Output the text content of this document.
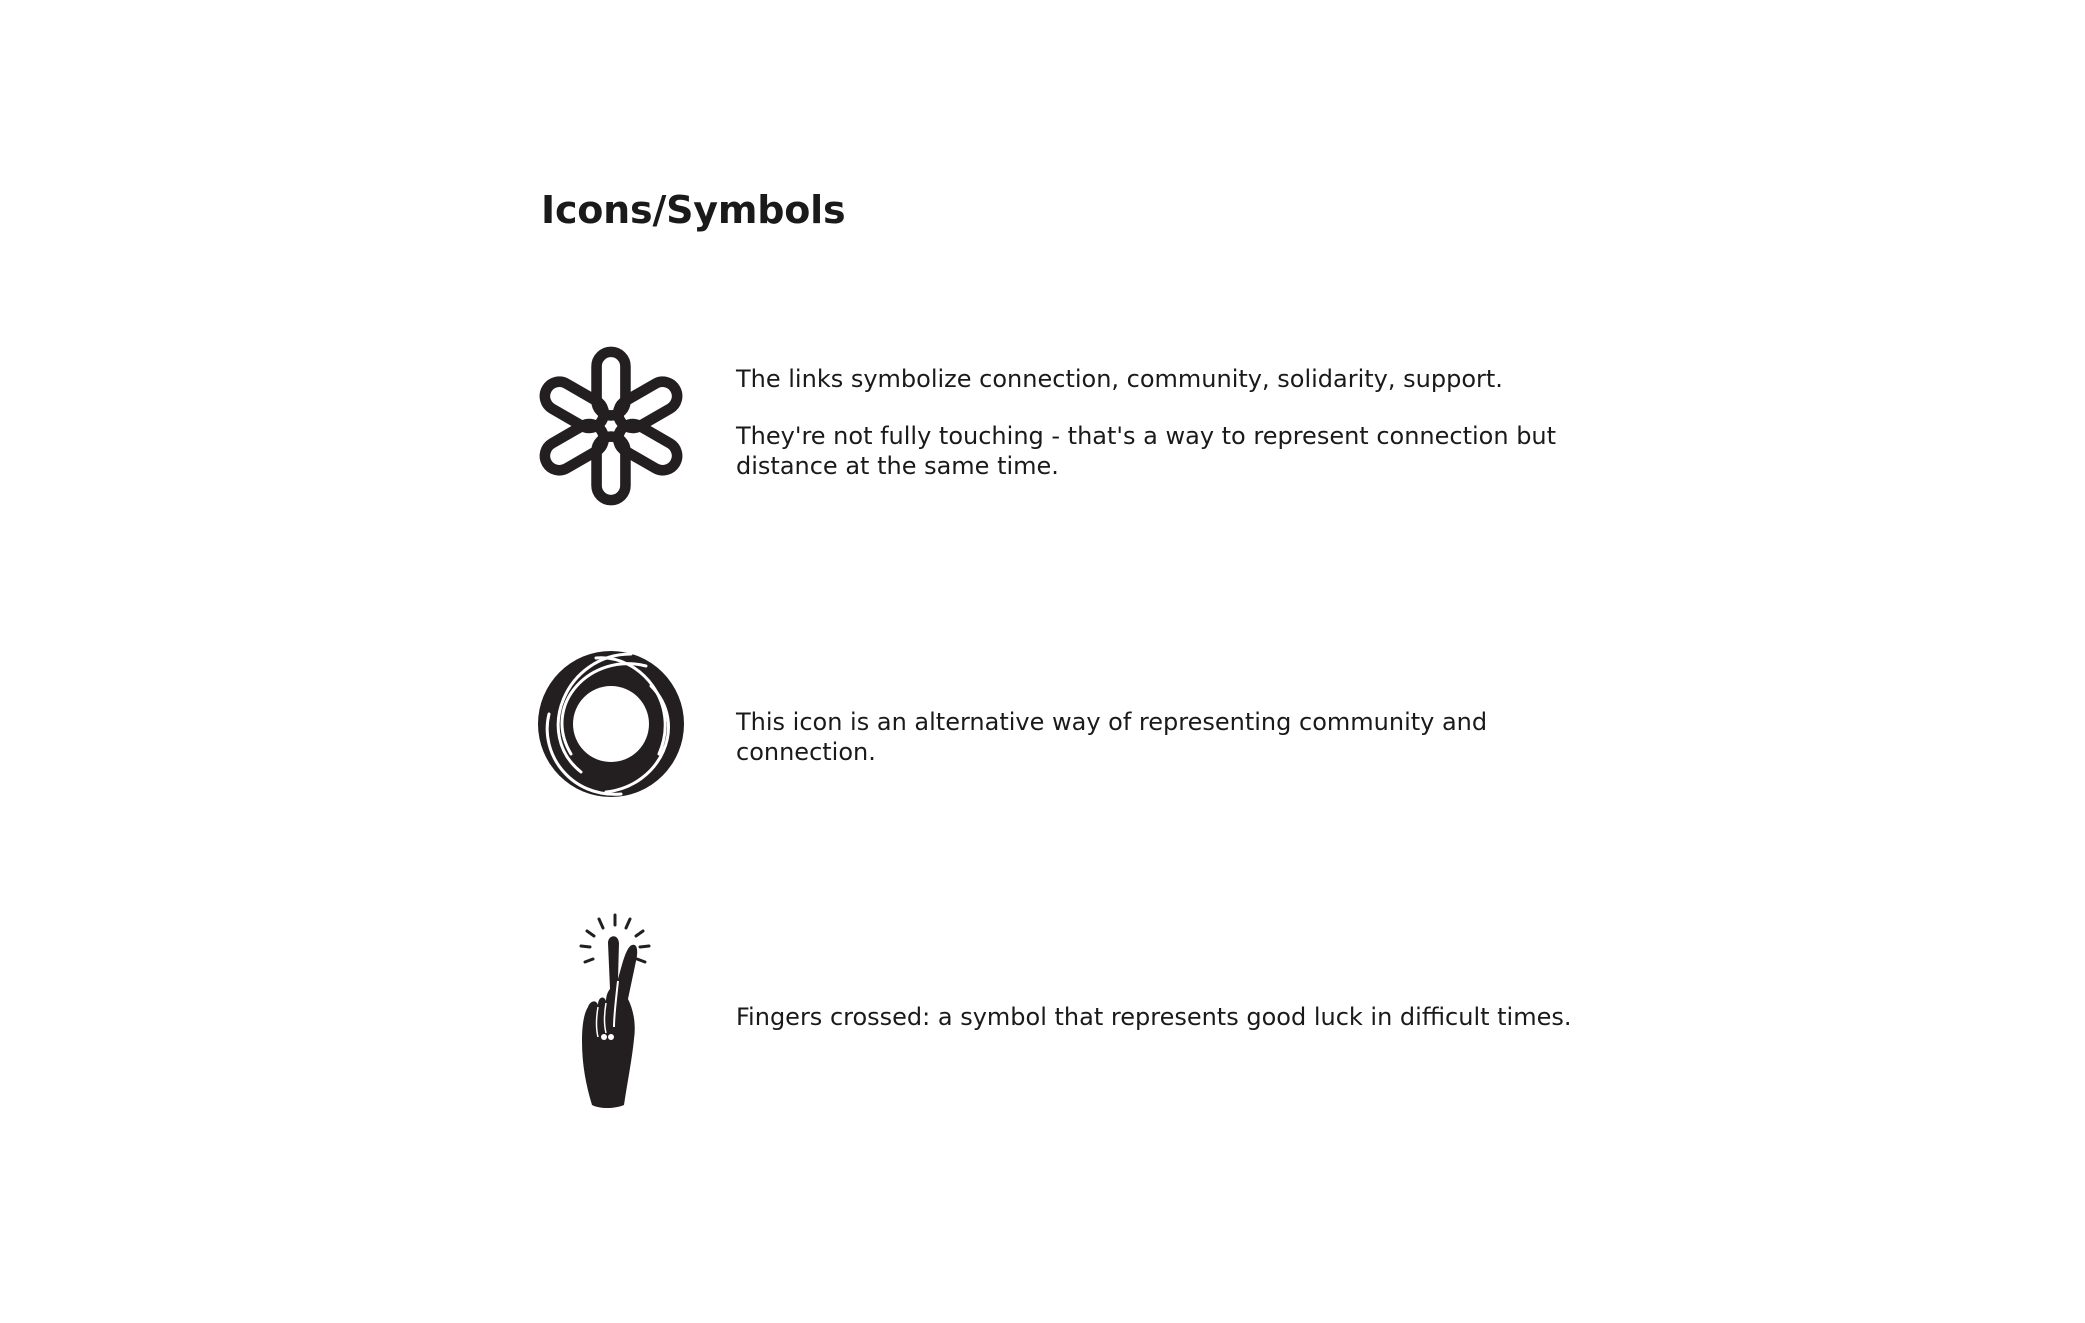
Icons/Symbols

The links symbolize connection, community, solidarity, support.

They're not fully touching - that's a way to represent connection but distance at the same time.

This icon is an alternative way of representing community and connection.

Fingers crossed: a symbol that represents good luck in difficult times.
